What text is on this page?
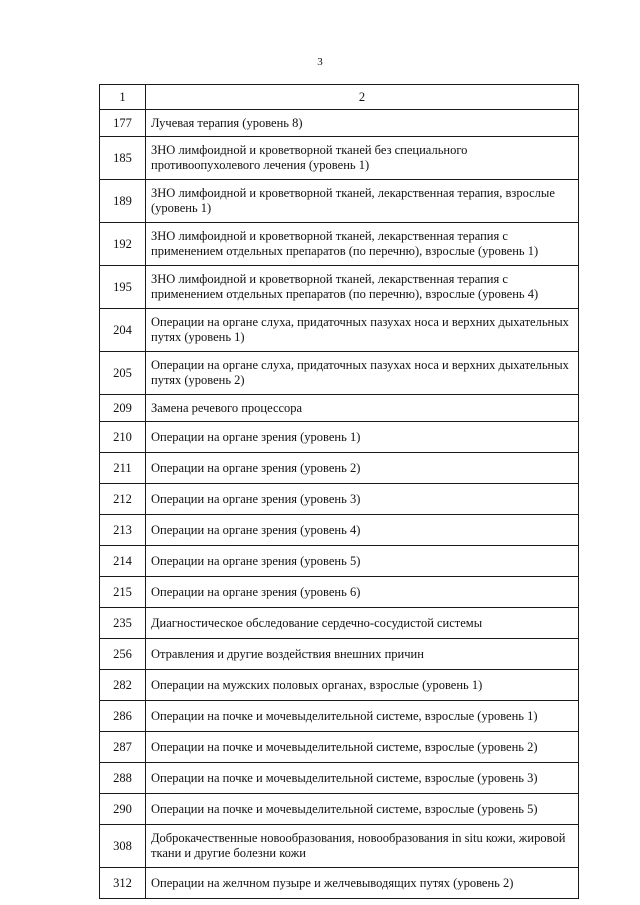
3
1	2
177	Лучевая терапия (уровень 8)
185	ЗНО лимфоидной и кроветворной тканей без специального противоопухолевого лечения (уровень 1)
189	ЗНО лимфоидной и кроветворной тканей, лекарственная терапия, взрослые (уровень 1)
192	ЗНО лимфоидной и кроветворной тканей, лекарственная терапия с применением отдельных препаратов (по перечню), взрослые (уровень 1)
195	ЗНО лимфоидной и кроветворной тканей, лекарственная терапия с применением отдельных препаратов (по перечню), взрослые (уровень 4)
204	Операции на органе слуха, придаточных пазухах носа и верхних дыхательных путях (уровень 1)
205	Операции на органе слуха, придаточных пазухах носа и верхних дыхательных путях (уровень 2)
209	Замена речевого процессора
210	Операции на органе зрения (уровень 1)
211	Операции на органе зрения (уровень 2)
212	Операции на органе зрения (уровень 3)
213	Операции на органе зрения (уровень 4)
214	Операции на органе зрения (уровень 5)
215	Операции на органе зрения (уровень 6)
235	Диагностическое обследование сердечно-сосудистой системы
256	Отравления и другие воздействия внешних причин
282	Операции на мужских половых органах, взрослые (уровень 1)
286	Операции на почке и мочевыделительной системе, взрослые (уровень 1)
287	Операции на почке и мочевыделительной системе, взрослые (уровень 2)
288	Операции на почке и мочевыделительной системе, взрослые (уровень 3)
290	Операции на почке и мочевыделительной системе, взрослые (уровень 5)
308	Доброкачественные новообразования, новообразования in situ кожи, жировой ткани и другие болезни кожи
312	Операции на желчном пузыре и желчевыводящих путях (уровень 2)
